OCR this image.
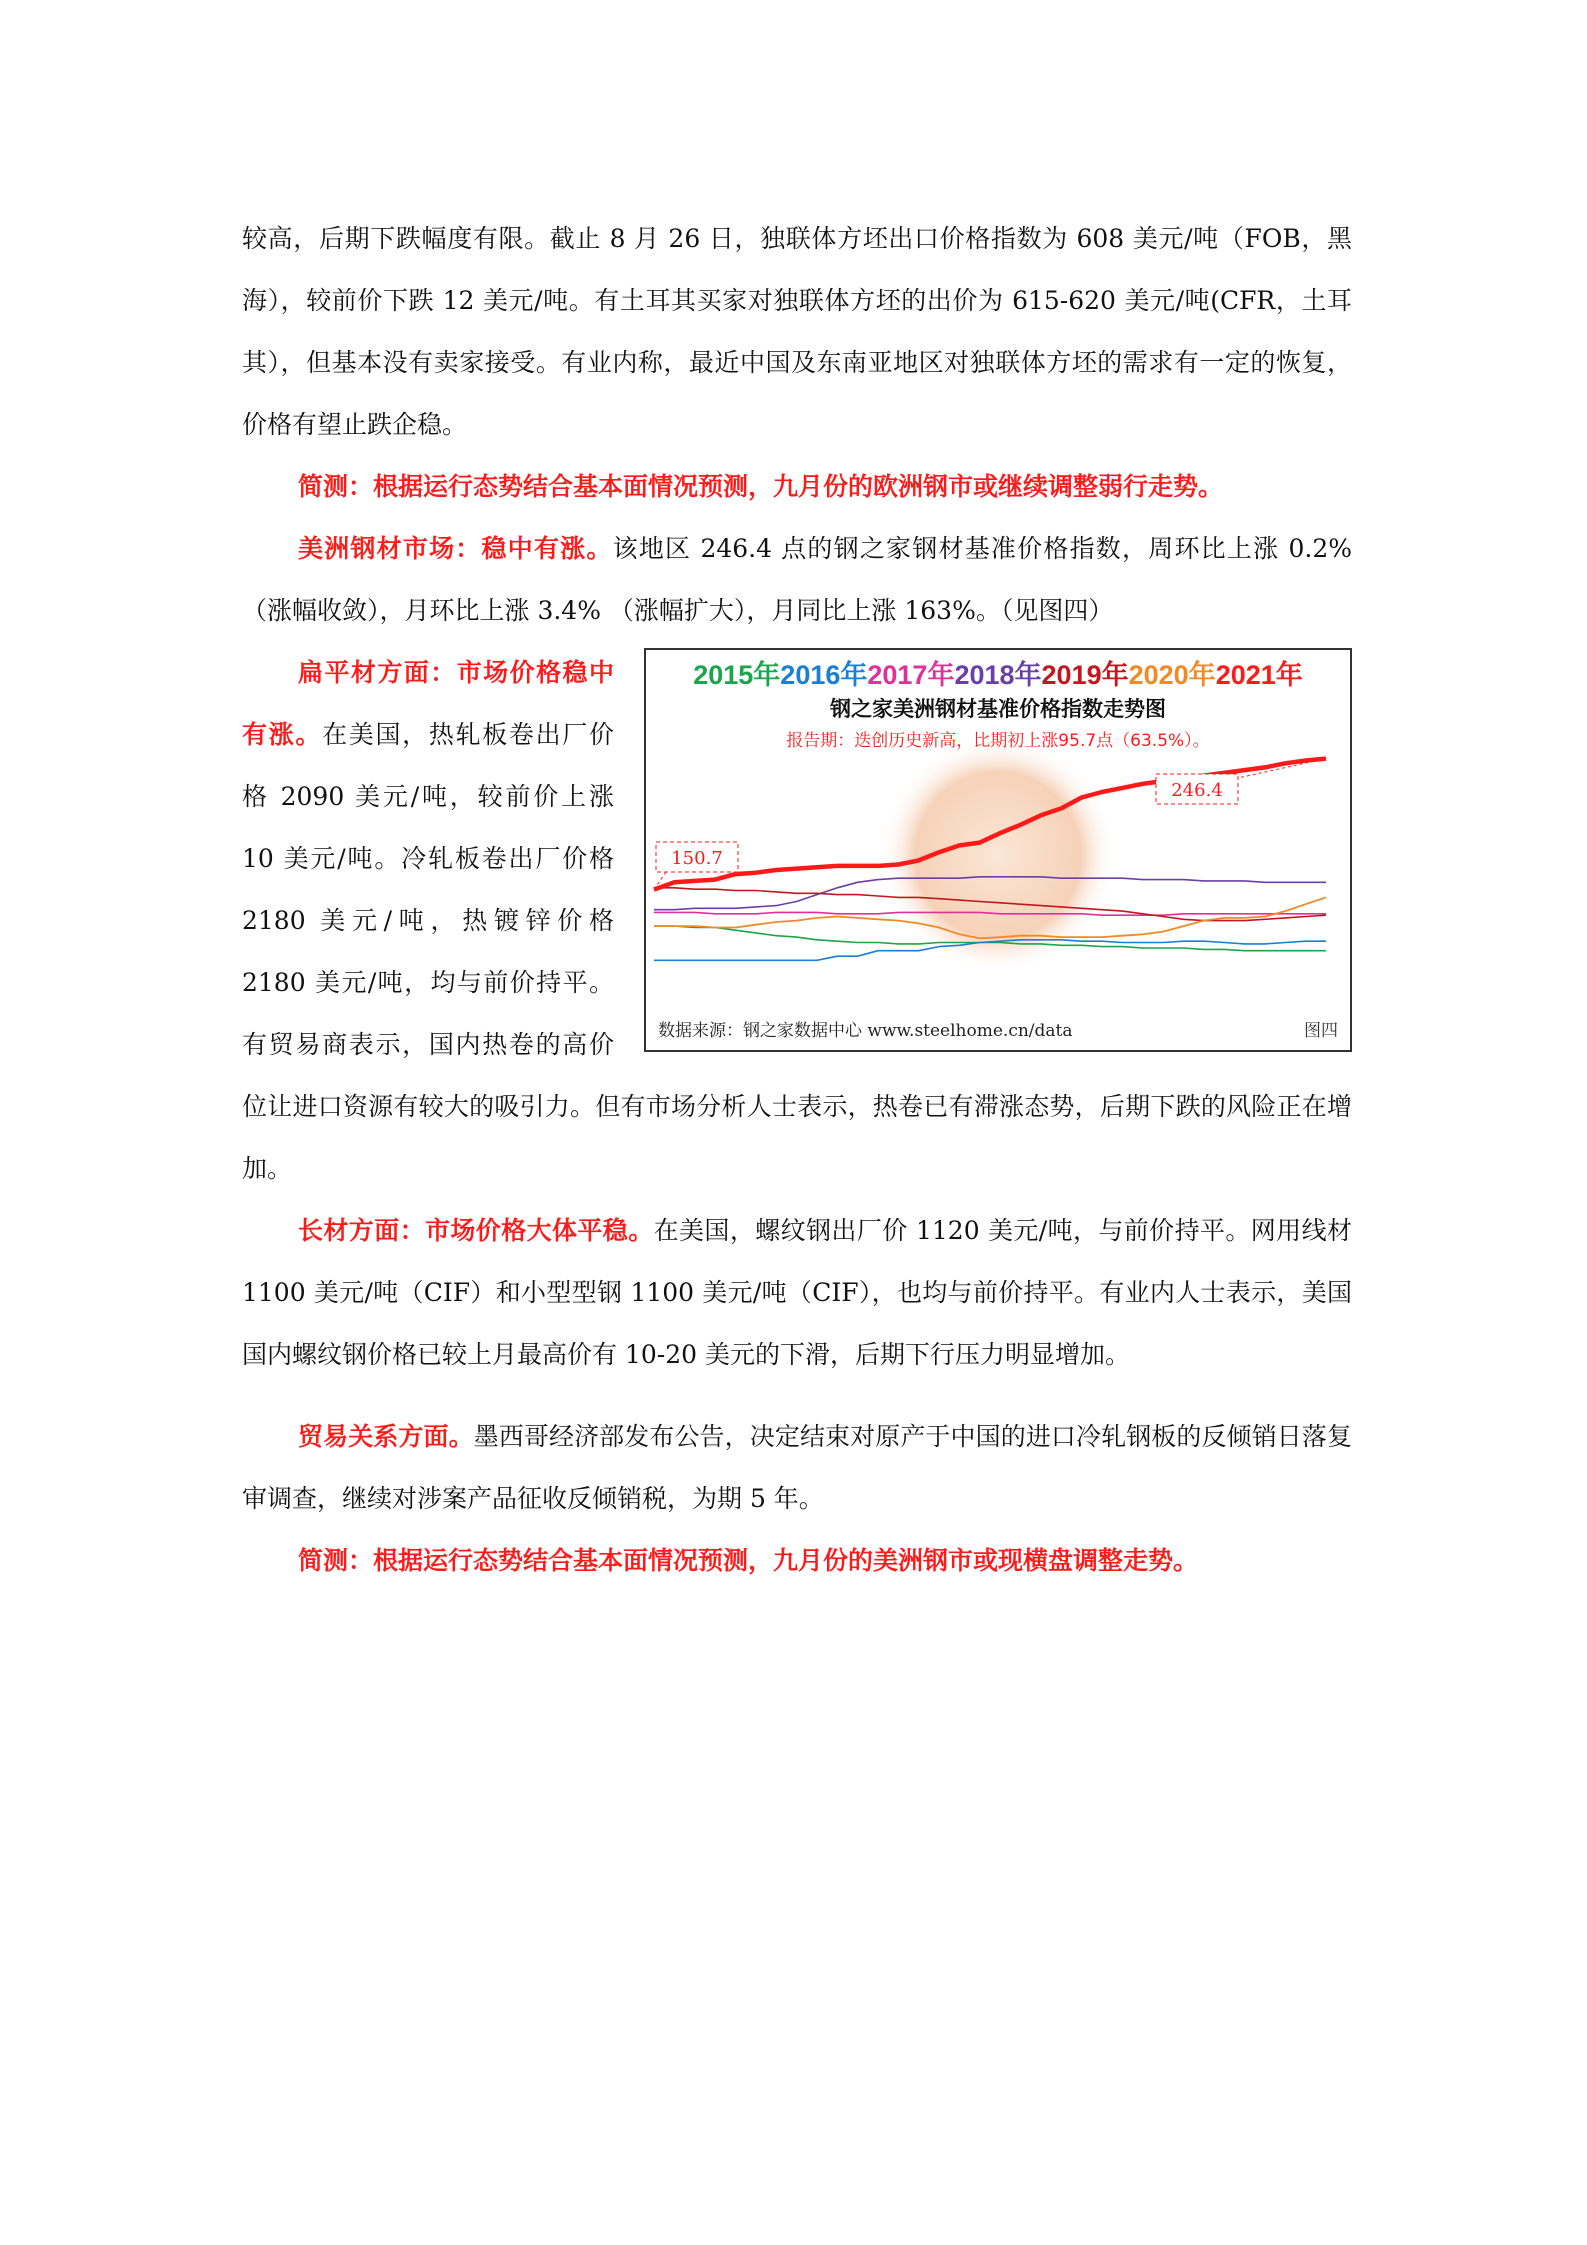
较高，后期下跌幅度有限。截止 8 月 26 日，独联体方坯出口价格指数为 608 美元/吨（FOB，黑海），较前价下跌 12 美元/吨。有土耳其买家对独联体方坯的出价为 615-620 美元/吨(CFR，土耳其），但基本没有卖家接受。有业内称，最近中国及东南亚地区对独联体方坯的需求有一定的恢复，价格有望止跌企稳。

简测：根据运行态势结合基本面情况预测，九月份的欧洲钢市或继续调整弱行走势。

美洲钢材市场：稳中有涨。该地区 246.4 点的钢之家钢材基准价格指数，周环比上涨 0.2%（涨幅收敛），月环比上涨 3.4% （涨幅扩大），月同比上涨 163%。（见图四）

2015年2016年2017年2018年2019年2020年2021年
钢之家美洲钢材基准价格指数走势图
报告期：迭创历史新高，比期初上涨95.7点（63.5%）。
150.7
246.4
数据来源：钢之家数据中心 www.steelhome.cn/data	图四

扁平材方面：市场价格稳中有涨。在美国，热轧板卷出厂价格 2090 美元/吨，较前价上涨 10 美元/吨。冷轧板卷出厂价格 2180 美元/吨，热镀锌价格 2180 美元/吨，均与前价持平。有贸易商表示，国内热卷的高价位让进口资源有较大的吸引力。但有市场分析人士表示，热卷已有滞涨态势，后期下跌的风险正在增加。

长材方面：市场价格大体平稳。在美国，螺纹钢出厂价 1120 美元/吨，与前价持平。网用线材 1100 美元/吨（CIF）和小型型钢 1100 美元/吨（CIF），也均与前价持平。有业内人士表示，美国国内螺纹钢价格已较上月最高价有 10-20 美元的下滑，后期下行压力明显增加。

贸易关系方面。墨西哥经济部发布公告，决定结束对原产于中国的进口冷轧钢板的反倾销日落复审调查，继续对涉案产品征收反倾销税，为期 5 年。

简测：根据运行态势结合基本面情况预测，九月份的美洲钢市或现横盘调整走势。
